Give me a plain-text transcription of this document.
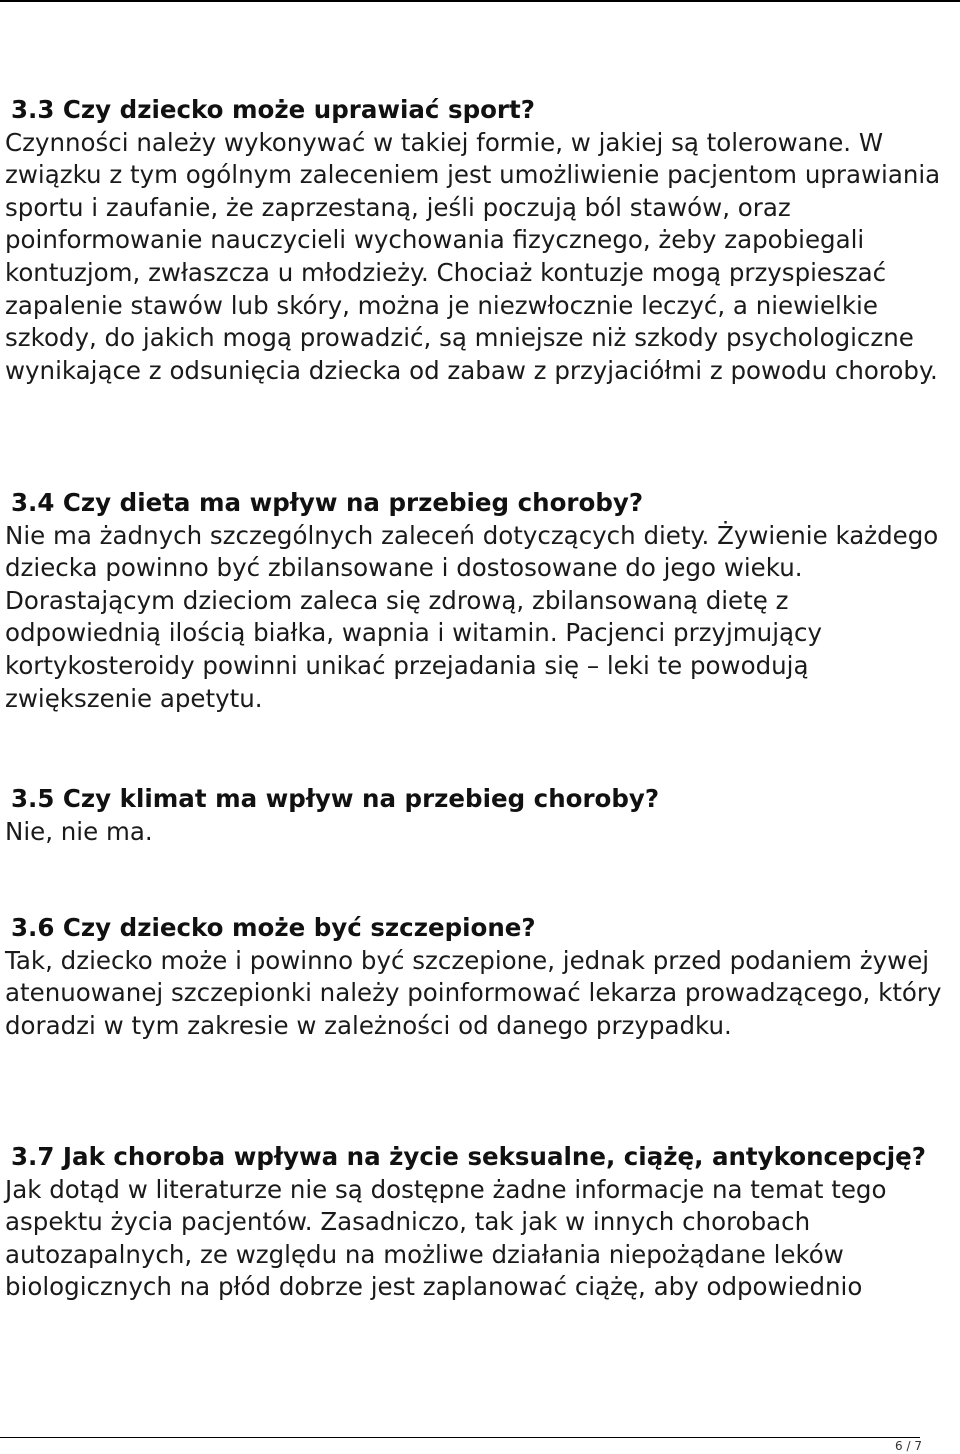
3.3 Czy dziecko może uprawiać sport?

Czynności należy wykonywać w takiej formie, w jakiej są tolerowane. W związku z tym ogólnym zaleceniem jest umożliwienie pacjentom uprawiania sportu i zaufanie, że zaprzestaną, jeśli poczują ból stawów, oraz poinformowanie nauczycieli wychowania fizycznego, żeby zapobiegali kontuzjom, zwłaszcza u młodzieży. Chociaż kontuzje mogą przyspieszać zapalenie stawów lub skóry, można je niezwłocznie leczyć, a niewielkie szkody, do jakich mogą prowadzić, są mniejsze niż szkody psychologiczne wynikające z odsunięcia dziecka od zabaw z przyjaciółmi z powodu choroby.

3.4 Czy dieta ma wpływ na przebieg choroby?

Nie ma żadnych szczególnych zaleceń dotyczących diety. Żywienie każdego dziecka powinno być zbilansowane i dostosowane do jego wieku. Dorastającym dzieciom zaleca się zdrową, zbilansowaną dietę z odpowiednią ilością białka, wapnia i witamin. Pacjenci przyjmujący kortykosteroidy powinni unikać przejadania się – leki te powodują zwiększenie apetytu.

3.5 Czy klimat ma wpływ na przebieg choroby?

Nie, nie ma.

3.6 Czy dziecko może być szczepione?

Tak, dziecko może i powinno być szczepione, jednak przed podaniem żywej atenuowanej szczepionki należy poinformować lekarza prowadzącego, który doradzi w tym zakresie w zależności od danego przypadku.

3.7 Jak choroba wpływa na życie seksualne, ciążę, antykoncepcję?

Jak dotąd w literaturze nie są dostępne żadne informacje na temat tego aspektu życia pacjentów. Zasadniczo, tak jak w innych chorobach autozapalnych, ze względu na możliwe działania niepożądane leków biologicznych na płód dobrze jest zaplanować ciążę, aby odpowiednio

6 / 7
